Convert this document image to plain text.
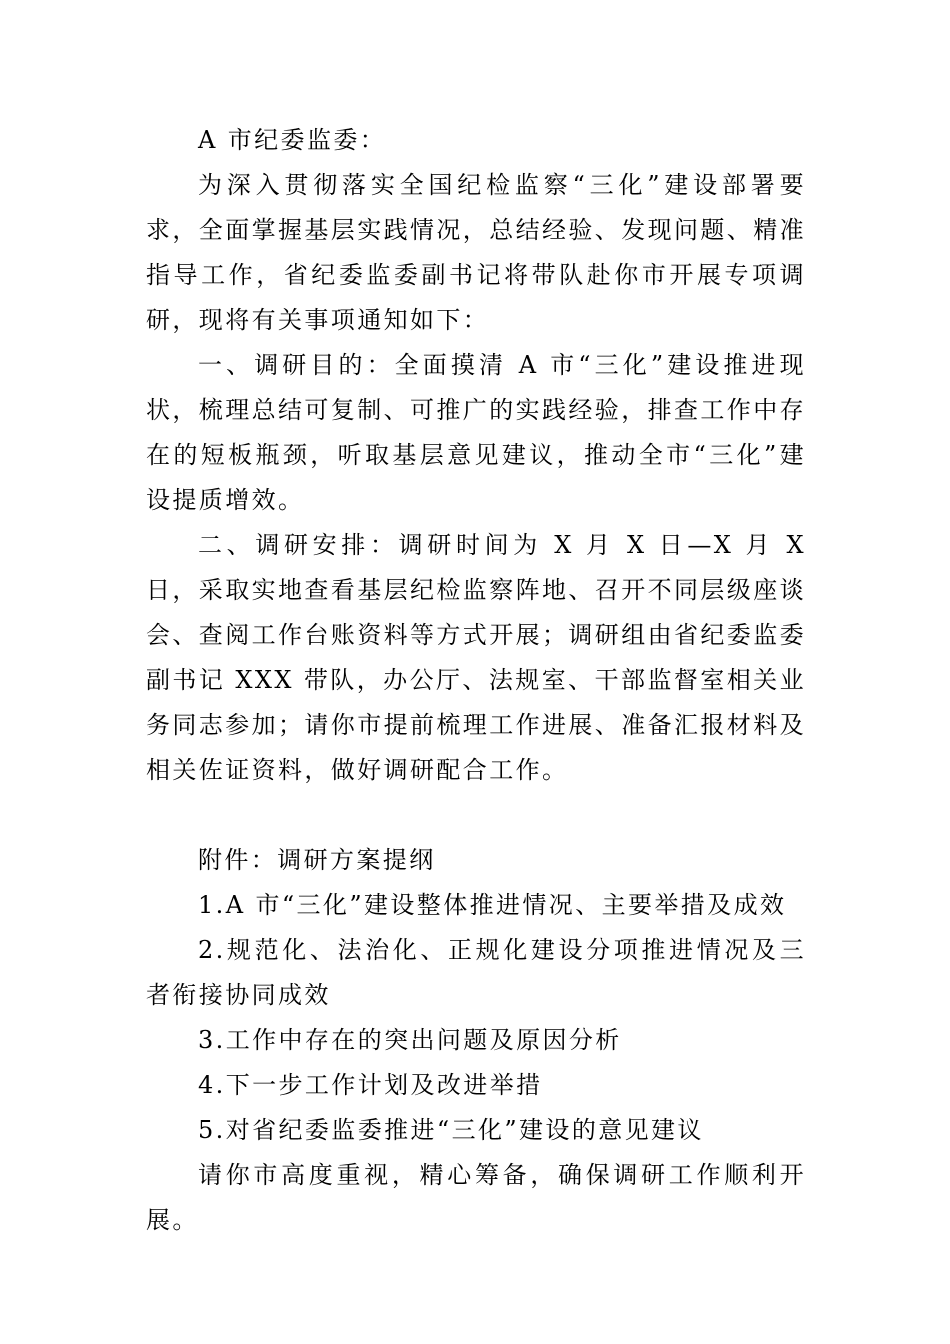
A 市纪委监委：

为深入贯彻落实全国纪检监察“三化”建设部署要求，全面掌握基层实践情况，总结经验、发现问题、精准指导工作，省纪委监委副书记将带队赴你市开展专项调研，现将有关事项通知如下：

一、调研目的：全面摸清 A 市“三化”建设推进现状，梳理总结可复制、可推广的实践经验，排查工作中存在的短板瓶颈，听取基层意见建议，推动全市“三化”建设提质增效。

二、调研安排：调研时间为 X 月 X 日—X 月 X 日，采取实地查看基层纪检监察阵地、召开不同层级座谈会、查阅工作台账资料等方式开展；调研组由省纪委监委副书记 XXX 带队，办公厅、法规室、干部监督室相关业务同志参加；请你市提前梳理工作进展、准备汇报材料及相关佐证资料，做好调研配合工作。

附件：调研方案提纲

1.A 市“三化”建设整体推进情况、主要举措及成效

2.规范化、法治化、正规化建设分项推进情况及三者衔接协同成效

3.工作中存在的突出问题及原因分析

4.下一步工作计划及改进举措

5.对省纪委监委推进“三化”建设的意见建议

请你市高度重视，精心筹备，确保调研工作顺利开展。
